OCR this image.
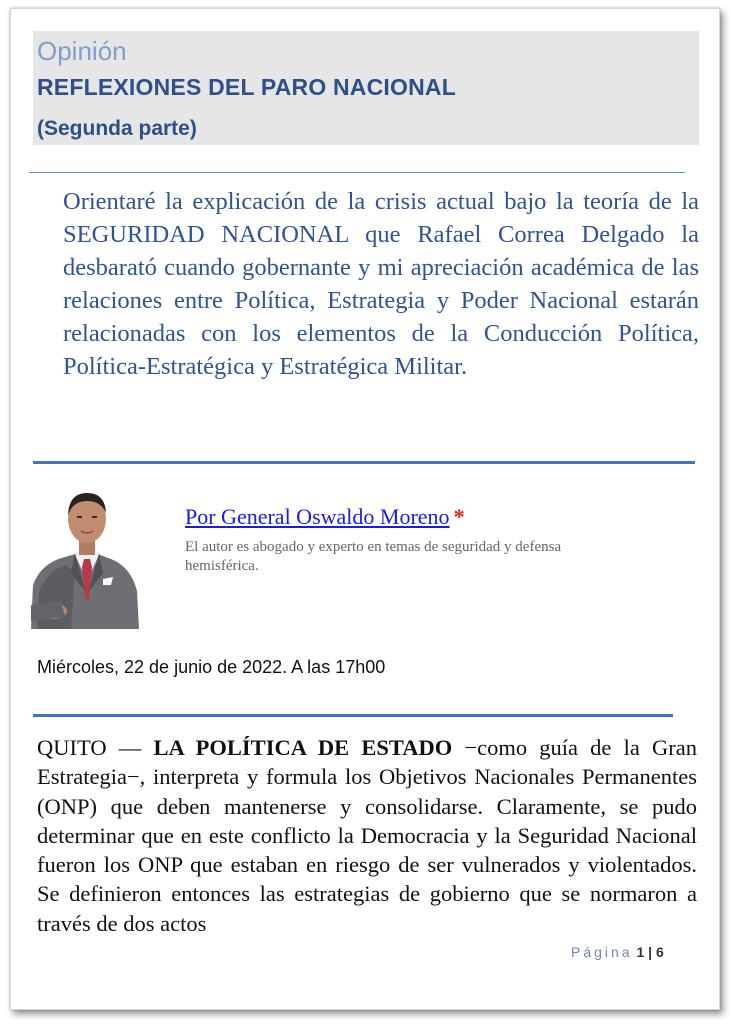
Opinión
REFLEXIONES DEL PARO NACIONAL
(Segunda parte)

Orientaré la explicación de la crisis actual bajo la teoría de la SEGURIDAD NACIONAL que Rafael Correa Delgado la desbarató cuando gobernante y mi apreciación académica de las relaciones entre Política, Estrategia y Poder Nacional estarán relacionadas con los elementos de la Conducción Política, Política-Estratégica y Estratégica Militar.

Por General Oswaldo Moreno *
El autor es abogado y experto en temas de seguridad y defensa hemisférica.
Miércoles, 22 de junio de 2022. A las 17h00

QUITO — LA POLÍTICA DE ESTADO −como guía de la Gran Estrategia−, interpreta y formula los Objetivos Nacionales Permanentes (ONP) que deben mantenerse y consolidarse. Claramente, se pudo determinar que en este conflicto la Democracia y la Seguridad Nacional fueron los ONP que estaban en riesgo de ser vulnerados y violentados. Se definieron entonces las estrategias de gobierno que se normaron a través de dos actos

Página 1 | 6
